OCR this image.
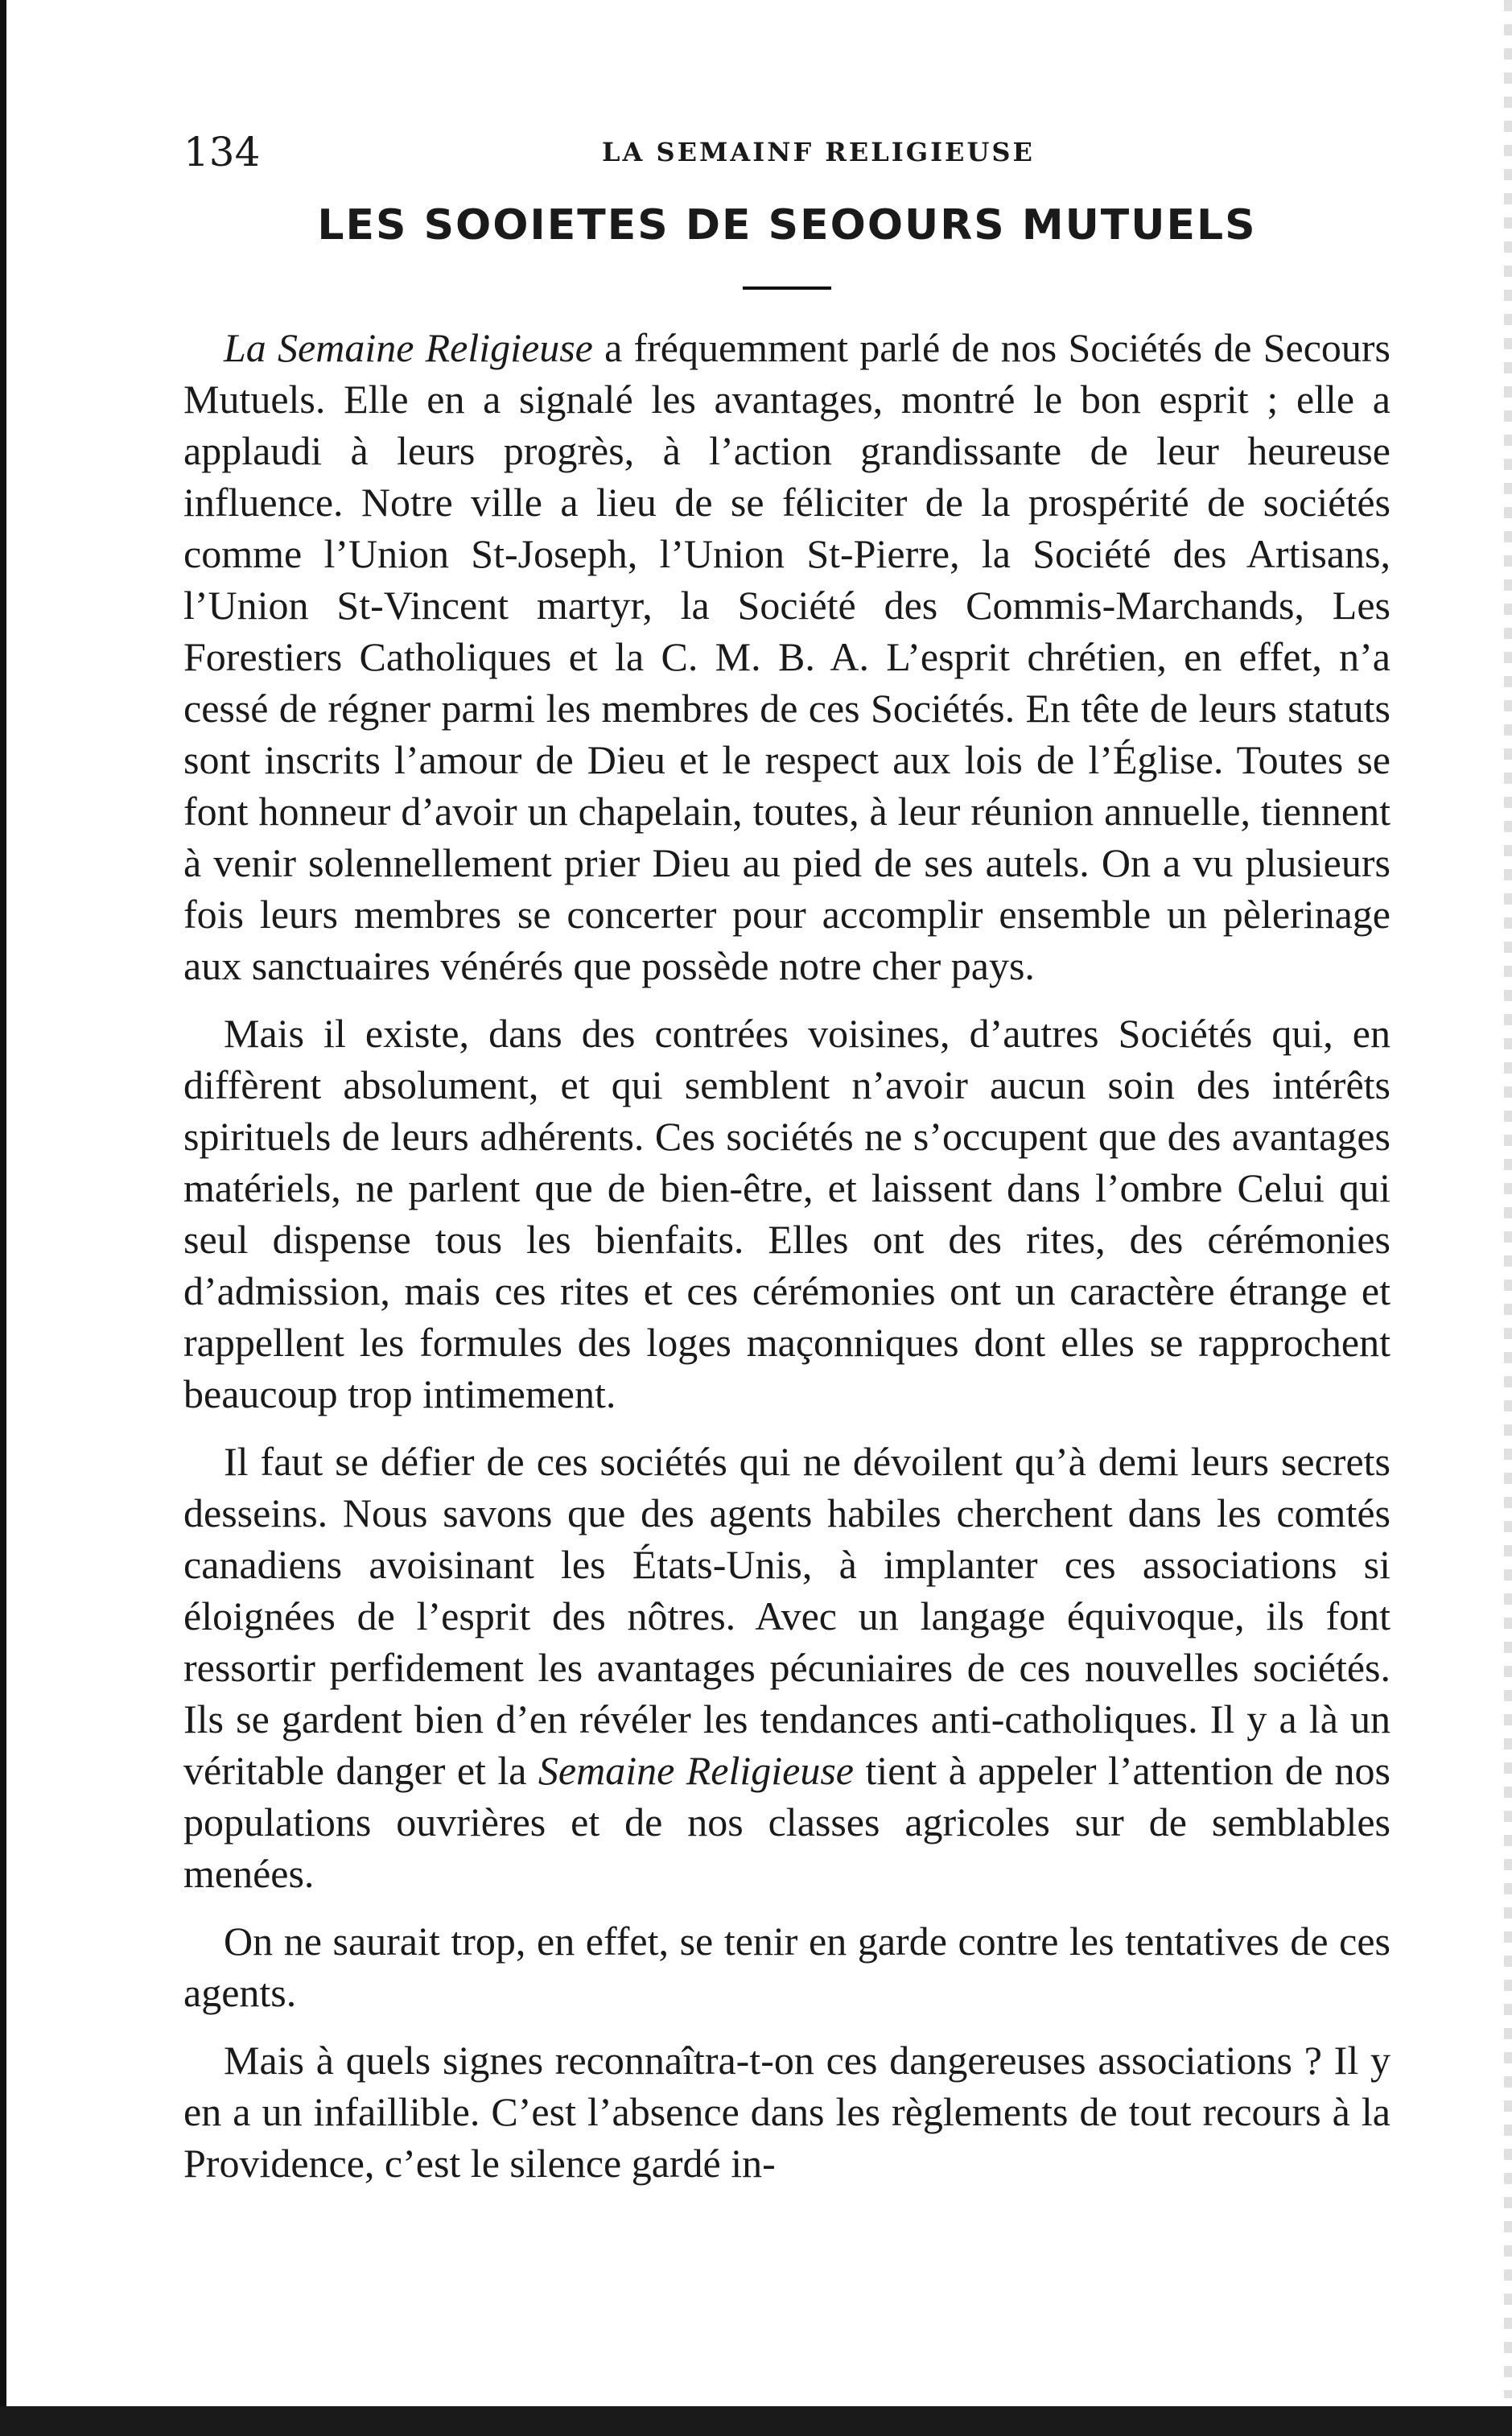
134	LA SEMAINF RELIGIEUSE
LES SOOIETES DE SEOOURS MUTUELS

La Semaine Religieuse a fréquemment parlé de nos Sociétés de Secours Mutuels. Elle en a signalé les avantages, montré le bon esprit ; elle a applaudi à leurs progrès, à l’action grandissante de leur heureuse influence. Notre ville a lieu de se féliciter de la prospérité de sociétés comme l’Union St-Joseph, l’Union St-Pierre, la Société des Artisans, l’Union St-Vincent martyr, la Société des Commis-Marchands, Les Forestiers Catholiques et la C. M. B. A. L’esprit chrétien, en effet, n’a cessé de régner parmi les membres de ces Sociétés. En tête de leurs statuts sont inscrits l’amour de Dieu et le respect aux lois de l’Église. Toutes se font honneur d’avoir un chapelain, toutes, à leur réunion annuelle, tiennent à venir solennellement prier Dieu au pied de ses autels. On a vu plusieurs fois leurs membres se concerter pour accomplir ensemble un pèlerinage aux sanctuaires vénérés que possède notre cher pays.

Mais il existe, dans des contrées voisines, d’autres Sociétés qui, en diffèrent absolument, et qui semblent n’avoir aucun soin des intérêts spirituels de leurs adhérents. Ces sociétés ne s’occupent que des avantages matériels, ne parlent que de bien-être, et laissent dans l’ombre Celui qui seul dispense tous les bienfaits. Elles ont des rites, des cérémonies d’admission, mais ces rites et ces cérémonies ont un caractère étrange et rappellent les formules des loges maçonniques dont elles se rapprochent beaucoup trop intimement.

Il faut se défier de ces sociétés qui ne dévoilent qu’à demi leurs secrets desseins. Nous savons que des agents habiles cherchent dans les comtés canadiens avoisinant les États-Unis, à implanter ces associations si éloignées de l’esprit des nôtres. Avec un langage équivoque, ils font ressortir perfidement les avantages pécuniaires de ces nouvelles sociétés. Ils se gardent bien d’en révéler les tendances anti-catholiques. Il y a là un véritable danger et la Semaine Religieuse tient à appeler l’attention de nos populations ouvrières et de nos classes agricoles sur de semblables menées.

On ne saurait trop, en effet, se tenir en garde contre les tentatives de ces agents.

Mais à quels signes reconnaîtra-t-on ces dangereuses associations ? Il y en a un infaillible. C’est l’absence dans les règlements de tout recours à la Providence, c’est le silence gardé in-
